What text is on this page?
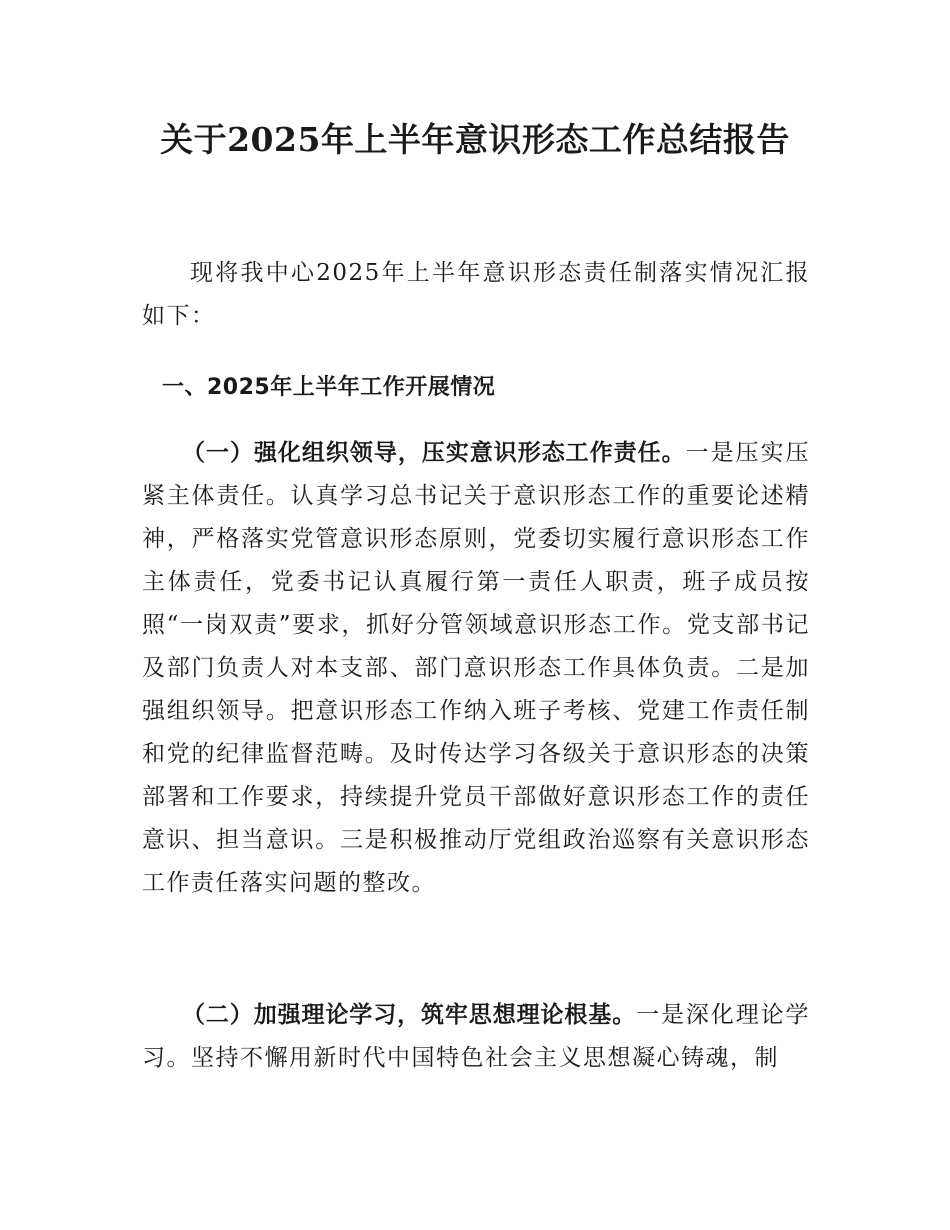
关于2025年上半年意识形态工作总结报告

现将我中心2025年上半年意识形态责任制落实情况汇报如下：

一、2025年上半年工作开展情况

（一）强化组织领导，压实意识形态工作责任。一是压实压紧主体责任。认真学习总书记关于意识形态工作的重要论述精神，严格落实党管意识形态原则，党委切实履行意识形态工作主体责任，党委书记认真履行第一责任人职责，班子成员按照“一岗双责”要求，抓好分管领域意识形态工作。党支部书记及部门负责人对本支部、部门意识形态工作具体负责。二是加强组织领导。把意识形态工作纳入班子考核、党建工作责任制和党的纪律监督范畴。及时传达学习各级关于意识形态的决策部署和工作要求，持续提升党员干部做好意识形态工作的责任意识、担当意识。三是积极推动厅党组政治巡察有关意识形态工作责任落实问题的整改。

（二）加强理论学习，筑牢思想理论根基。一是深化理论学习。坚持不懈用新时代中国特色社会主义思想凝心铸魂，制
